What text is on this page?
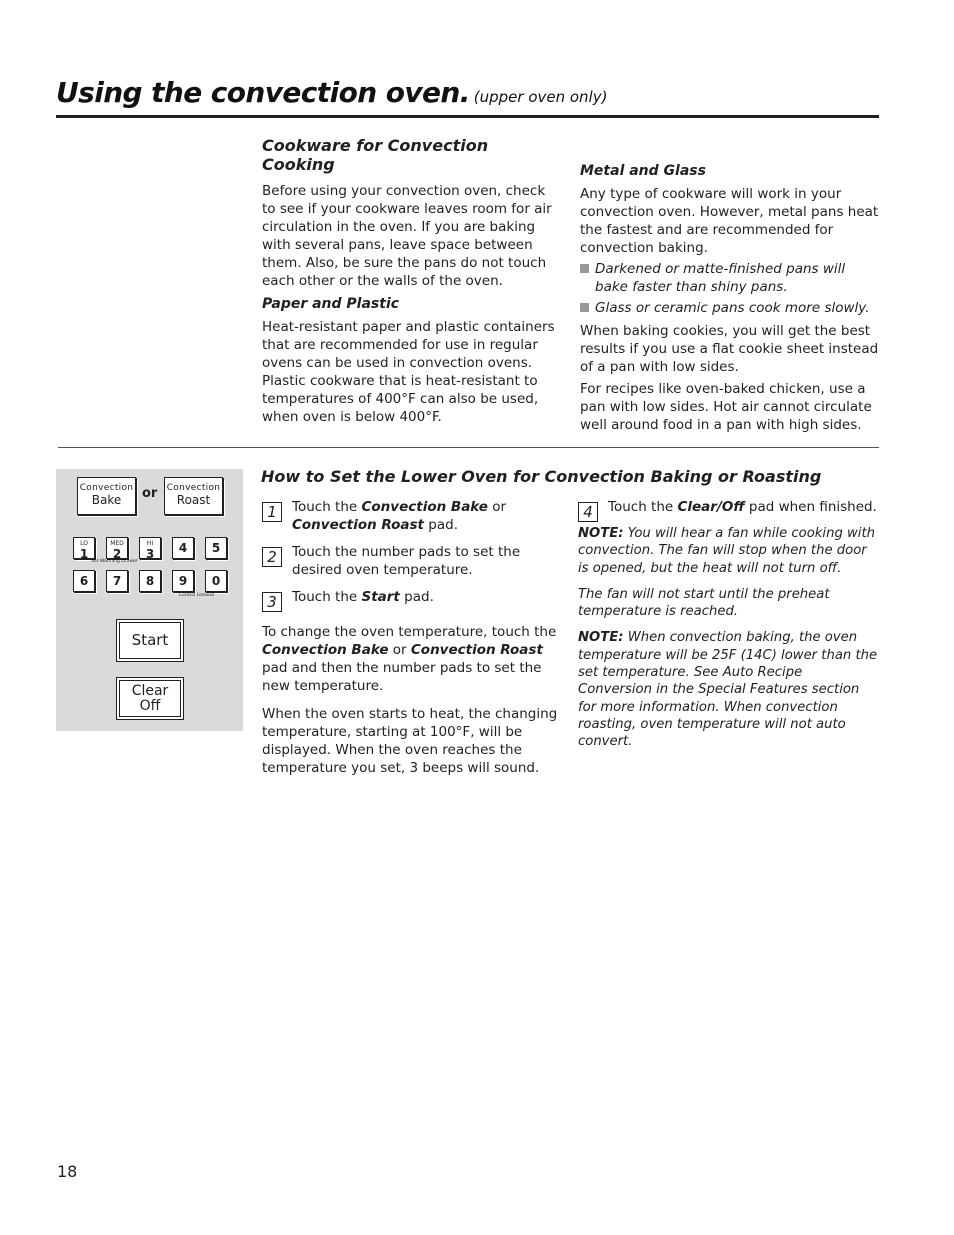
Using the convection oven. (upper oven only)
Cookware for Convection Cooking

Before using your convection oven, check to see if your cookware leaves room for air circulation in the oven. If you are baking with several pans, leave space between them. Also, be sure the pans do not touch each other or the walls of the oven.

Paper and Plastic

Heat-resistant paper and plastic containers that are recommended for use in regular ovens can be used in convection ovens. Plastic cookware that is heat-resistant to temperatures of 400°F can also be used, when oven is below 400°F.

Metal and Glass

Any type of cookware will work in your convection oven. However, metal pans heat the fastest and are recommended for convection baking.

Darkened or matte-finished pans will bake faster than shiny pans.
Glass or ceramic pans cook more slowly.

When baking cookies, you will get the best results if you use a flat cookie sheet instead of a pan with low sides.

For recipes like oven-baked chicken, use a pan with low sides. Hot air cannot circulate well around food in a pan with high sides.

Convection
Bake	or Convection
Roast
LO
1
MED
2
HI
3	4	5
Set Warming Drawer
6	7	8	9	0
Control Lockout
Start
Clear
Off
How to Set the Lower Oven for Convection Baking or Roasting
1	Touch the Convection Bake or Convection Roast pad.
2	Touch the number pads to set the desired oven temperature.
3	Touch the Start pad.

To change the oven temperature, touch the Convection Bake or Convection Roast pad and then the number pads to set the new temperature.

When the oven starts to heat, the changing temperature, starting at 100°F, will be displayed. When the oven reaches the temperature you set, 3 beeps will sound.

4	Touch the Clear/Off pad when finished.

NOTE: You will hear a fan while cooking with convection. The fan will stop when the door is opened, but the heat will not turn off.

The fan will not start until the preheat temperature is reached.

NOTE: When convection baking, the oven temperature will be 25F (14C) lower than the set temperature. See Auto Recipe Conversion in the Special Features section for more information. When convection roasting, oven temperature will not auto convert.

18
